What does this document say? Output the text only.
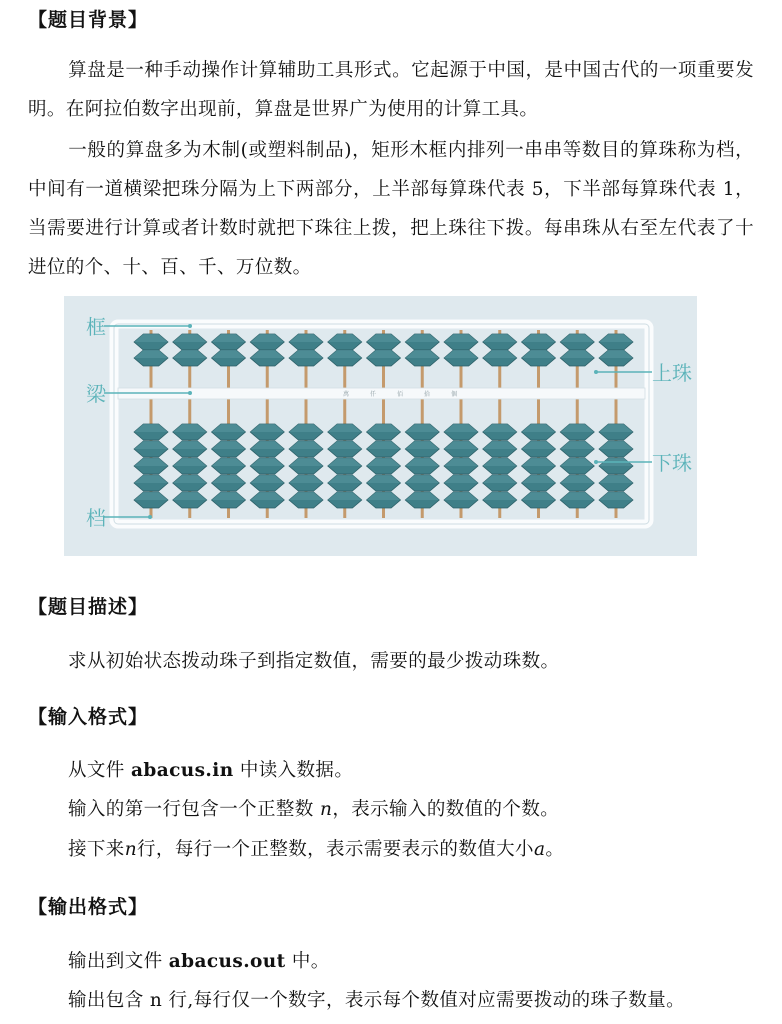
【题目背景】

算盘是一种手动操作计算辅助工具形式。它起源于中国，是中国古代的一项重要发明。在阿拉伯数字出现前，算盘是世界广为使用的计算工具。

一般的算盘多为木制(或塑料制品)，矩形木框内排列一串串等数目的算珠称为档，中间有一道横梁把珠分隔为上下两部分，上半部每算珠代表 5，下半部每算珠代表 1，当需要进行计算或者计数时就把下珠往上拨，把上珠往下拨。每串珠从右至左代表了十进位的个、十、百、千、万位数。

萬	仟	佰	拾	個
框
梁
档
上珠
下珠
【题目描述】
求从初始状态拨动珠子到指定数值，需要的最少拨动珠数。
【输入格式】
从文件 abacus.in 中读入数据。
输入的第一行包含一个正整数 n，表示输入的数值的个数。
接下来n行，每行一个正整数，表示需要表示的数值大小a。
【输出格式】
输出到文件 abacus.out 中。
输出包含 n 行,每行仅一个数字，表示每个数值对应需要拨动的珠子数量。
